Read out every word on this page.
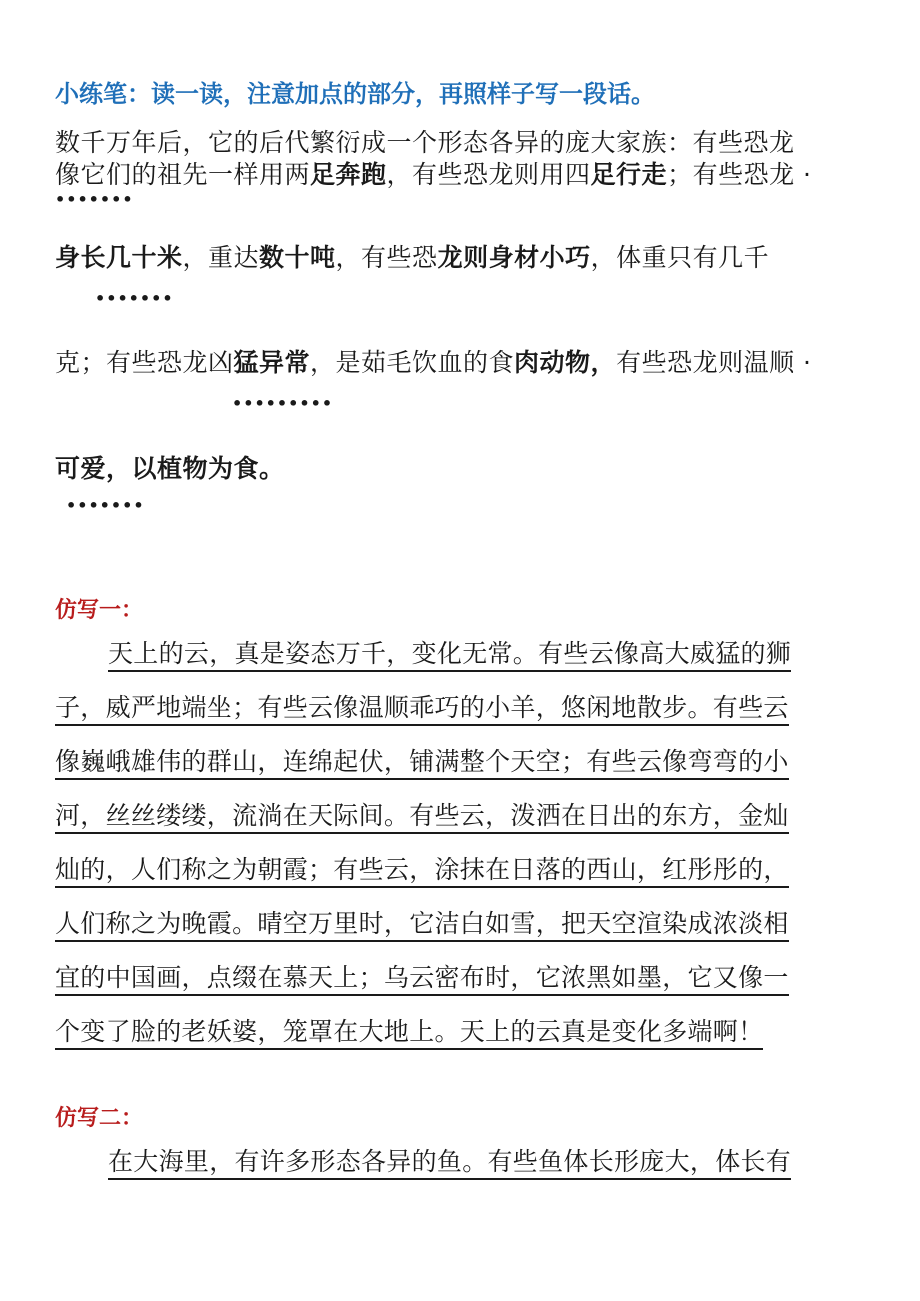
小练笔：读一读，注意加点的部分，再照样子写一段话。
数千万年后，它的后代繁衍成一个形态各异的庞大家族：有些恐龙
像它们的祖先一样用两足奔跑，有些恐龙则用四足行走；有些恐龙 ·
•••••••
身长几十米，重达数十吨，有些恐龙则身材小巧，体重只有几千
•••••••
克；有些恐龙凶猛异常，是茹毛饮血的食肉动物，有些恐龙则温顺 ·
•••••••••
可爱，以植物为食。
•••••••
仿写一：
天上的云，真是姿态万千，变化无常。有些云像高大威猛的狮
子，威严地端坐；有些云像温顺乖巧的小羊，悠闲地散步。有些云
像巍峨雄伟的群山，连绵起伏，铺满整个天空；有些云像弯弯的小
河，丝丝缕缕，流淌在天际间。有些云，泼洒在日出的东方，金灿
灿的，人们称之为朝霞；有些云，涂抹在日落的西山，红彤彤的，
人们称之为晚霞。晴空万里时，它洁白如雪，把天空渲染成浓淡相
宜的中国画，点缀在慕天上；乌云密布时，它浓黑如墨，它又像一
个变了脸的老妖婆，笼罩在大地上。天上的云真是变化多端啊！
仿写二：
在大海里，有许多形态各异的鱼。有些鱼体长形庞大，体长有
